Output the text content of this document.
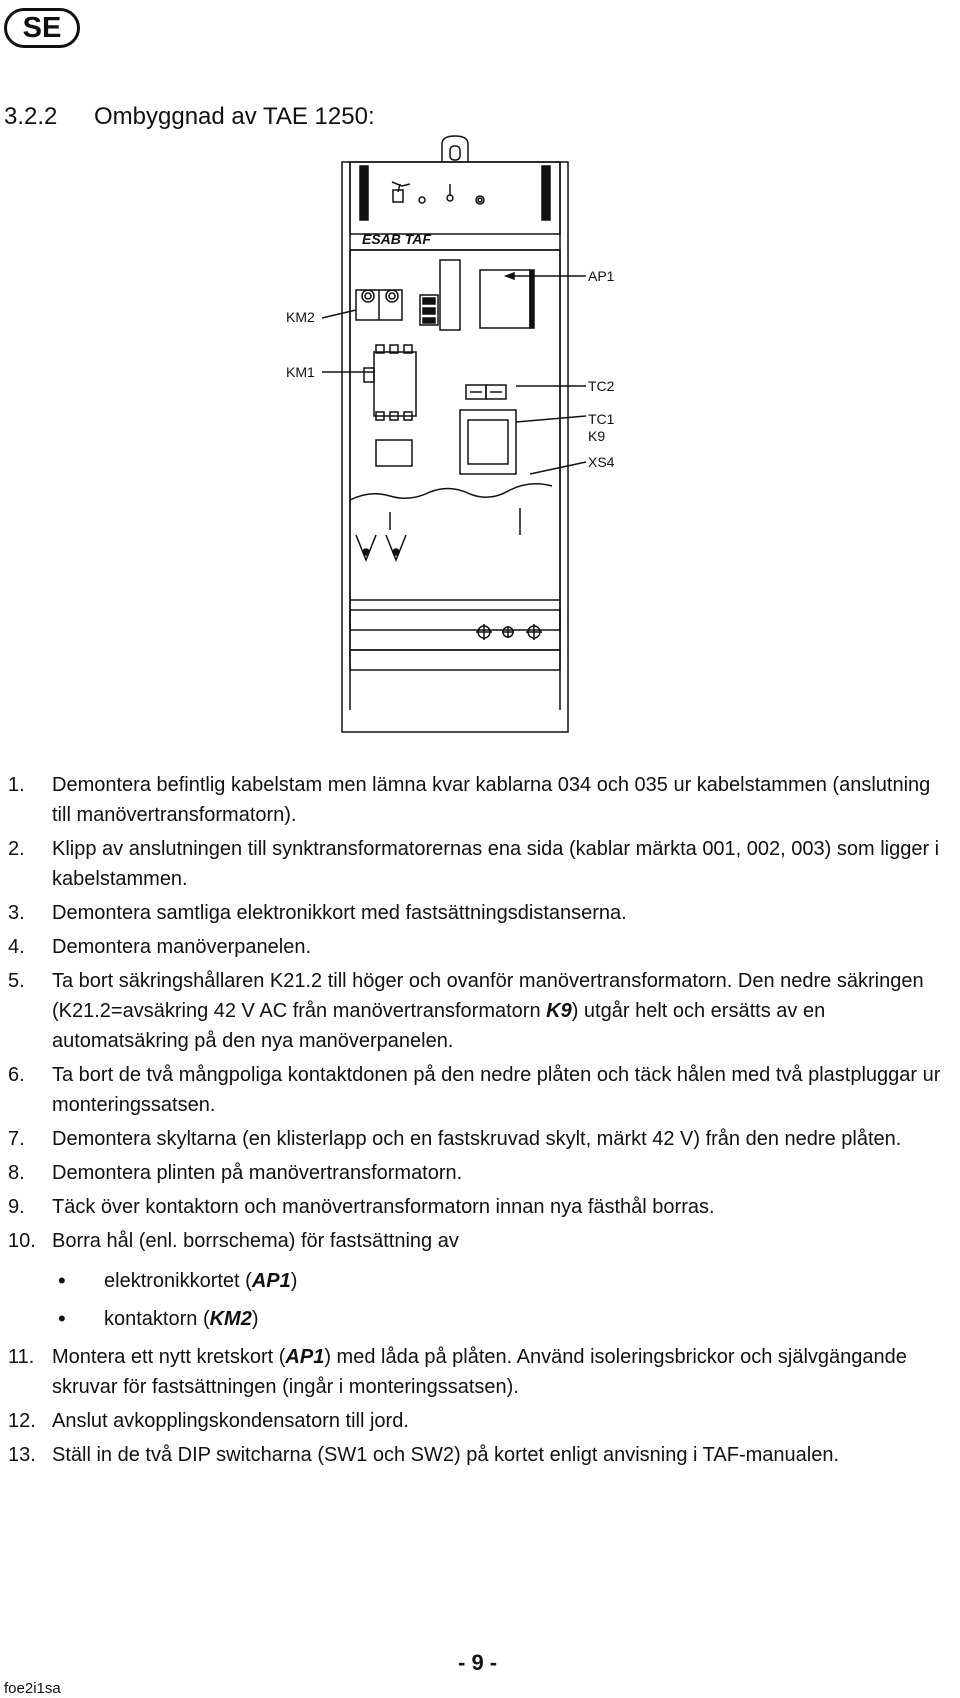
SE
3.2.2 Ombyggnad av TAE 1250:
ESAB TAF
AP1
KM2
KM1
TC2
TC1
K9
XS4
1.	Demontera befintlig kabelstam men lämna kvar kablarna 034 och 035 ur kabelstammen (anslutning till manövertransformatorn).
2.	Klipp av anslutningen till synktransformatorernas ena sida (kablar märkta 001, 002, 003) som ligger i kabelstammen.
3.	Demontera samtliga elektronikkort med fastsättningsdistanserna.
4.	Demontera manöverpanelen.
5.	Ta bort säkringshållaren K21.2 till höger och ovanför manövertransformatorn. Den nedre säkringen (K21.2=avsäkring 42 V AC från manövertransformatorn K9) utgår helt och ersätts av en automatsäkring på den nya manöverpanelen.
6.	Ta bort de två mångpoliga kontaktdonen på den nedre plåten och täck hålen med två plastpluggar ur monteringssatsen.
7.	Demontera skyltarna (en klisterlapp och en fastskruvad skylt, märkt 42 V) från den nedre plåten.
8.	Demontera plinten på manövertransformatorn.
9.	Täck över kontaktorn och manövertransformatorn innan nya fästhål borras.
10. Borra hål (enl. borrschema) för fastsättning av
•	elektronikkortet (AP1)
•	kontaktorn (KM2)
11. Montera ett nytt kretskort (AP1) med låda på plåten. Använd isoleringsbrickor och självgängande skruvar för fastsättningen (ingår i monteringssatsen).
12. Anslut avkopplingskondensatorn till jord.
13. Ställ in de två DIP switcharna (SW1 och SW2) på kortet enligt anvisning i TAF-manualen.
- 9 -
foe2i1sa
